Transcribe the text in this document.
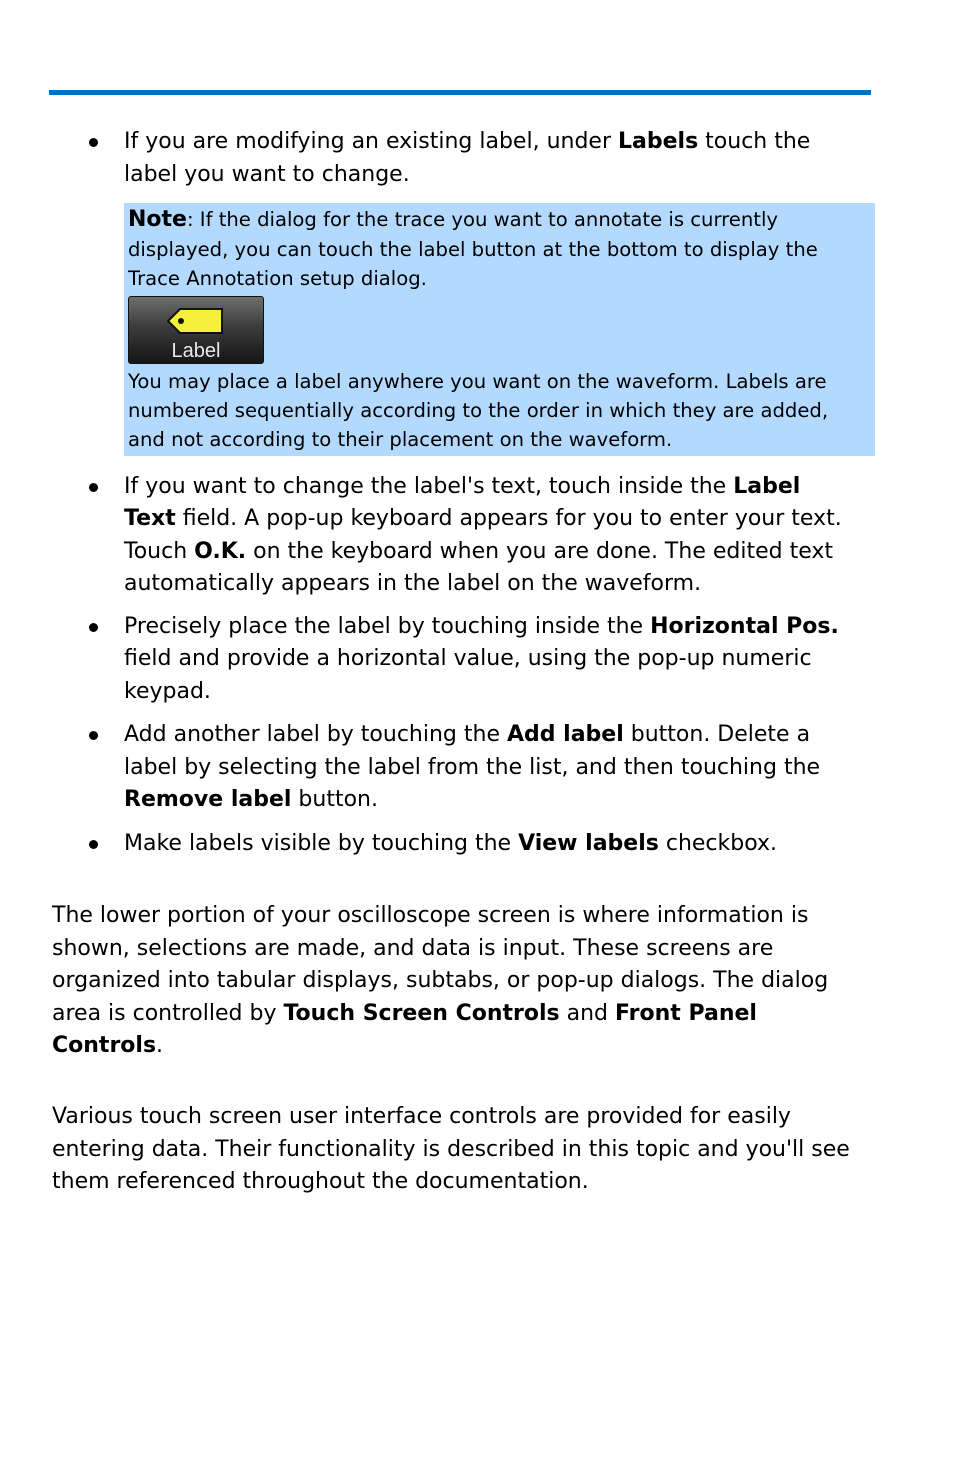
If you are modifying an existing label, under Labels touch the label you want to change.
Note: If the dialog for the trace you want to annotate is currently displayed, you can touch the label button at the bottom to display the Trace Annotation setup dialog.
Label
You may place a label anywhere you want on the waveform. Labels are numbered sequentially according to the order in which they are added, and not according to their placement on the waveform.
If you want to change the label's text, touch inside the Label Text field. A pop-up keyboard appears for you to enter your text. Touch O.K. on the keyboard when you are done. The edited text automatically appears in the label on the waveform.
Precisely place the label by touching inside the Horizontal Pos. field and provide a horizontal value, using the pop-up numeric keypad.
Add another label by touching the Add label button. Delete a label by selecting the label from the list, and then touching the Remove label button.
Make labels visible by touching the View labels checkbox.
The lower portion of your oscilloscope screen is where information is shown, selections are made, and data is input. These screens are organized into tabular displays, subtabs, or pop-up dialogs. The dialog area is controlled by Touch Screen Controls and Front Panel Controls.
Various touch screen user interface controls are provided for easily entering data. Their functionality is described in this topic and you'll see them referenced throughout the documentation.
